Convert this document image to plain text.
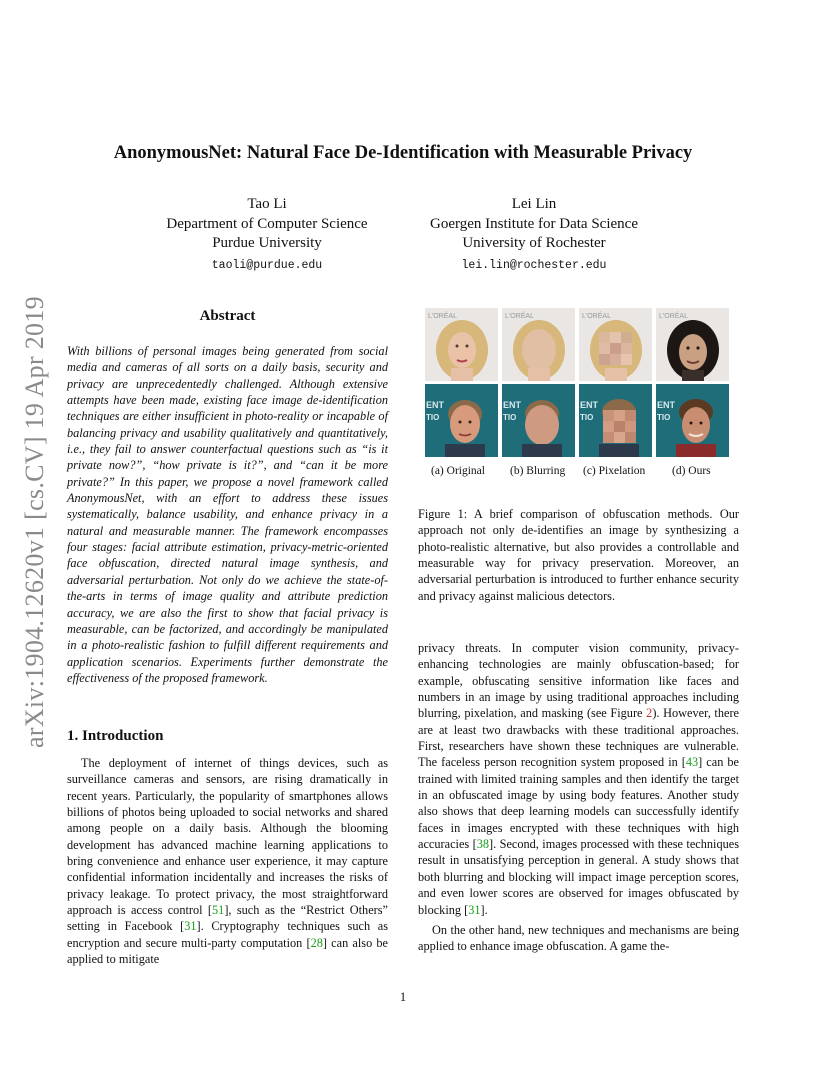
arXiv:1904.12620v1 [cs.CV] 19 Apr 2019
AnonymousNet: Natural Face De-Identification with Measurable Privacy
Tao Li
Department of Computer Science
Purdue University
taoli@purdue.edu
Lei Lin
Goergen Institute for Data Science
University of Rochester
lei.lin@rochester.edu
Abstract
With billions of personal images being generated from social media and cameras of all sorts on a daily basis, security and privacy are unprecedentedly challenged. Although extensive attempts have been made, existing face image de-identification techniques are either insufficient in photo-reality or incapable of balancing privacy and usability qualitatively and quantitatively, i.e., they fail to answer counterfactual questions such as “is it private now?”, “how private is it?”, and “can it be more private?” In this paper, we propose a novel framework called AnonymousNet, with an effort to address these issues systematically, balance usability, and enhance privacy in a natural and measurable manner. The framework encompasses four stages: facial attribute estimation, privacy-metric-oriented face obfuscation, directed natural image synthesis, and adversarial perturbation. Not only do we achieve the state-of-the-arts in terms of image quality and attribute prediction accuracy, we are also the first to show that facial privacy is measurable, can be factorized, and accordingly be manipulated in a photo-realistic fashion to fulfill different requirements and application scenarios. Experiments further demonstrate the effectiveness of the proposed framework.
1. Introduction
The deployment of internet of things devices, such as surveillance cameras and sensors, are rising dramatically in recent years. Particularly, the popularity of smartphones allows billions of photos being uploaded to social networks and shared among people on a daily basis. Although the blooming development has advanced machine learning applications to bring convenience and enhance user experience, it may capture confidential information incidentally and increases the risks of privacy leakage. To protect privacy, the most straightforward approach is access control [51], such as the “Restrict Others” setting in Facebook [31]. Cryptography techniques such as encryption and secure multi-party computation [28] can also be applied to mitigate
L'ORÉAL	L'ORÉAL	L'ORÉAL	L'ORÉAL
ENT
TIO
ENT
TIO
ENT
TIO
ENT
TIO
(a) Original (b) Blurring (c) Pixelation (d) Ours
Figure 1: A brief comparison of obfuscation methods. Our approach not only de-identifies an image by synthesizing a photo-realistic alternative, but also provides a controllable and measurable way for privacy preservation. Moreover, an adversarial perturbation is introduced to further enhance security and privacy against malicious detectors.

privacy threats. In computer vision community, privacy-enhancing technologies are mainly obfuscation-based; for example, obfuscating sensitive information like faces and numbers in an image by using traditional approaches including blurring, pixelation, and masking (see Figure 2). However, there are at least two drawbacks with these traditional approaches. First, researchers have shown these techniques are vulnerable. The faceless person recognition system proposed in [43] can be trained with limited training samples and then identify the target in an obfuscated image by using body features. Another study also shows that deep learning models can successfully identify faces in images encrypted with these techniques with high accuracies [38]. Second, images processed with these techniques result in unsatisfying perception in general. A study shows that both blurring and blocking will impact image perception scores, and even lower scores are observed for images obfuscated by blocking [31].

On the other hand, new techniques and mechanisms are being applied to enhance image obfuscation. A game the-

1
